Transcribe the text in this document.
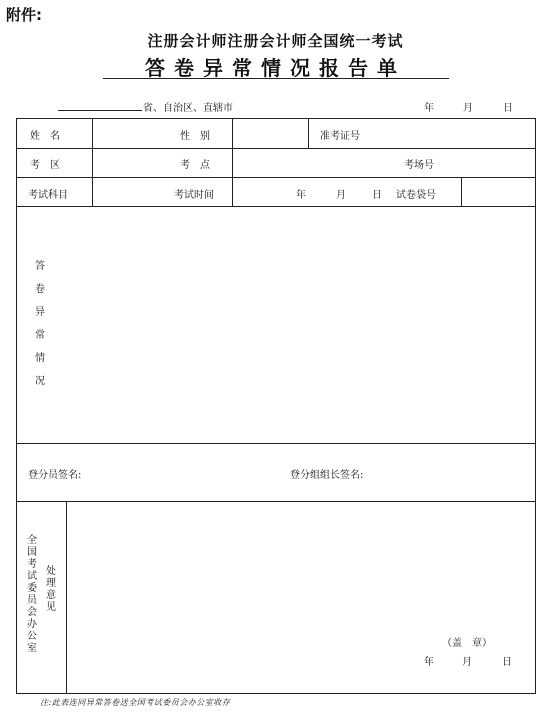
附件:
注册会计师注册会计师全国统一考试
答卷异常情况报告单
省、自治区、直辖市	年	月	日
姓　名	性　别	准考证号
考　区	考　点	考场号
考试科目	考试时间	年	月	日 试卷袋号
答
卷
异
常
情
况
登分员签名:	登分组组长签名:
全
国
考
试
委
员
会
办
公
室
处
理
意
见
（盖　章）
年	月	日
注:此表连同异常答卷送全国考试委员会办公室收存
